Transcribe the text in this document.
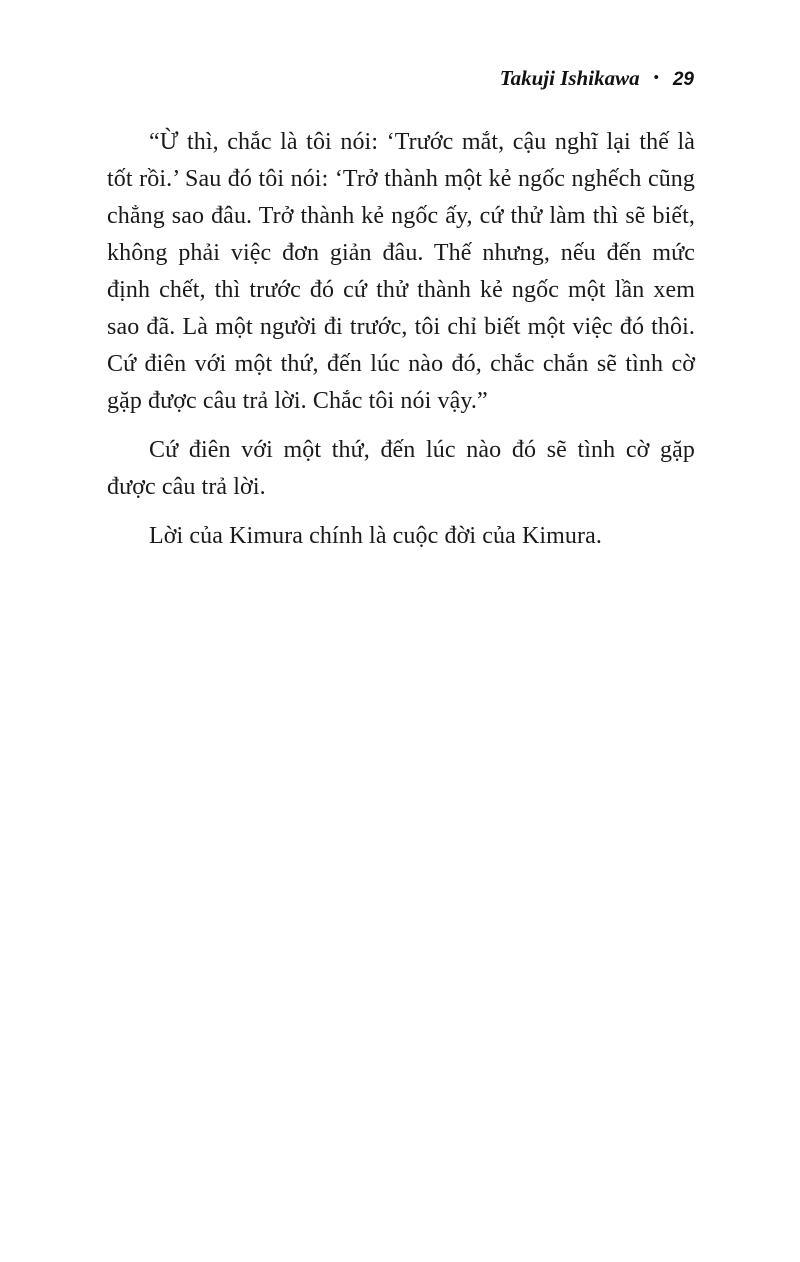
Takuji Ishikawa • 29

“Ừ thì, chắc là tôi nói: ‘Trước mắt, cậu nghĩ lại thế là tốt rồi.’ Sau đó tôi nói: ‘Trở thành một kẻ ngốc nghếch cũng chẳng sao đâu. Trở thành kẻ ngốc ấy, cứ thử làm thì sẽ biết, không phải việc đơn giản đâu. Thế nhưng, nếu đến mức định chết, thì trước đó cứ thử thành kẻ ngốc một lần xem sao đã. Là một người đi trước, tôi chỉ biết một việc đó thôi. Cứ điên với một thứ, đến lúc nào đó, chắc chắn sẽ tình cờ gặp được câu trả lời. Chắc tôi nói vậy.”

Cứ điên với một thứ, đến lúc nào đó sẽ tình cờ gặp được câu trả lời.

Lời của Kimura chính là cuộc đời của Kimura.
